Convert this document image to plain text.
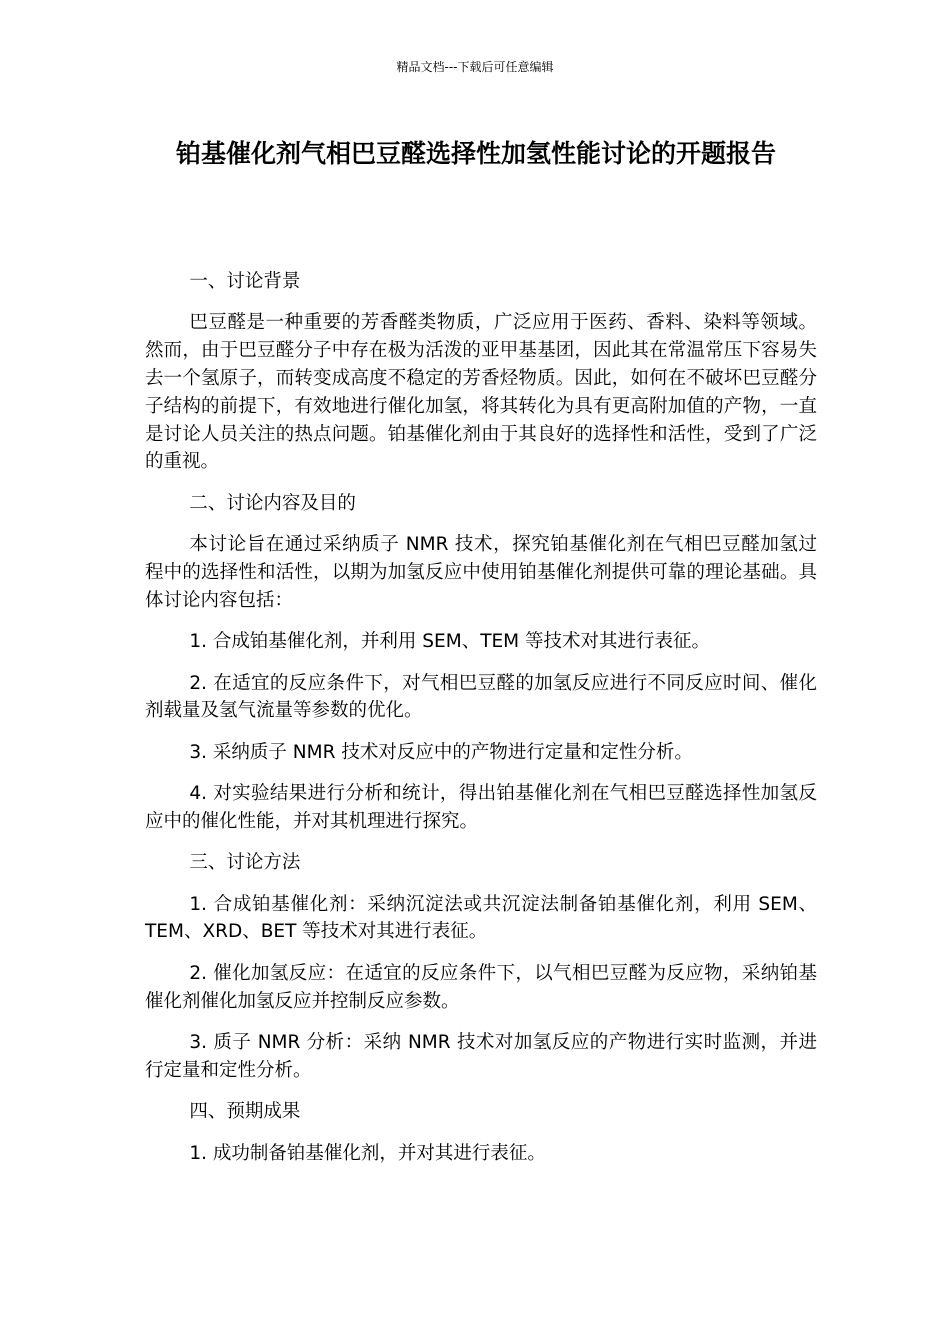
精品文档---下载后可任意编辑
铂基催化剂气相巴豆醛选择性加氢性能讨论的开题报告

一、讨论背景

巴豆醛是一种重要的芳香醛类物质，广泛应用于医药、香料、染料等领域。然而，由于巴豆醛分子中存在极为活泼的亚甲基基团，因此其在常温常压下容易失去一个氢原子，而转变成高度不稳定的芳香烃物质。因此，如何在不破坏巴豆醛分子结构的前提下，有效地进行催化加氢，将其转化为具有更高附加值的产物，一直是讨论人员关注的热点问题。铂基催化剂由于其良好的选择性和活性，受到了广泛的重视。

二、讨论内容及目的

本讨论旨在通过采纳质子 NMR 技术，探究铂基催化剂在气相巴豆醛加氢过程中的选择性和活性，以期为加氢反应中使用铂基催化剂提供可靠的理论基础。具体讨论内容包括：

1. 合成铂基催化剂，并利用 SEM、TEM 等技术对其进行表征。

2. 在适宜的反应条件下，对气相巴豆醛的加氢反应进行不同反应时间、催化剂载量及氢气流量等参数的优化。

3. 采纳质子 NMR 技术对反应中的产物进行定量和定性分析。

4. 对实验结果进行分析和统计，得出铂基催化剂在气相巴豆醛选择性加氢反应中的催化性能，并对其机理进行探究。

三、讨论方法

1. 合成铂基催化剂：采纳沉淀法或共沉淀法制备铂基催化剂，利用 SEM、TEM、XRD、BET 等技术对其进行表征。

2. 催化加氢反应：在适宜的反应条件下，以气相巴豆醛为反应物，采纳铂基催化剂催化加氢反应并控制反应参数。

3. 质子 NMR 分析：采纳 NMR 技术对加氢反应的产物进行实时监测，并进行定量和定性分析。

四、预期成果

1. 成功制备铂基催化剂，并对其进行表征。
